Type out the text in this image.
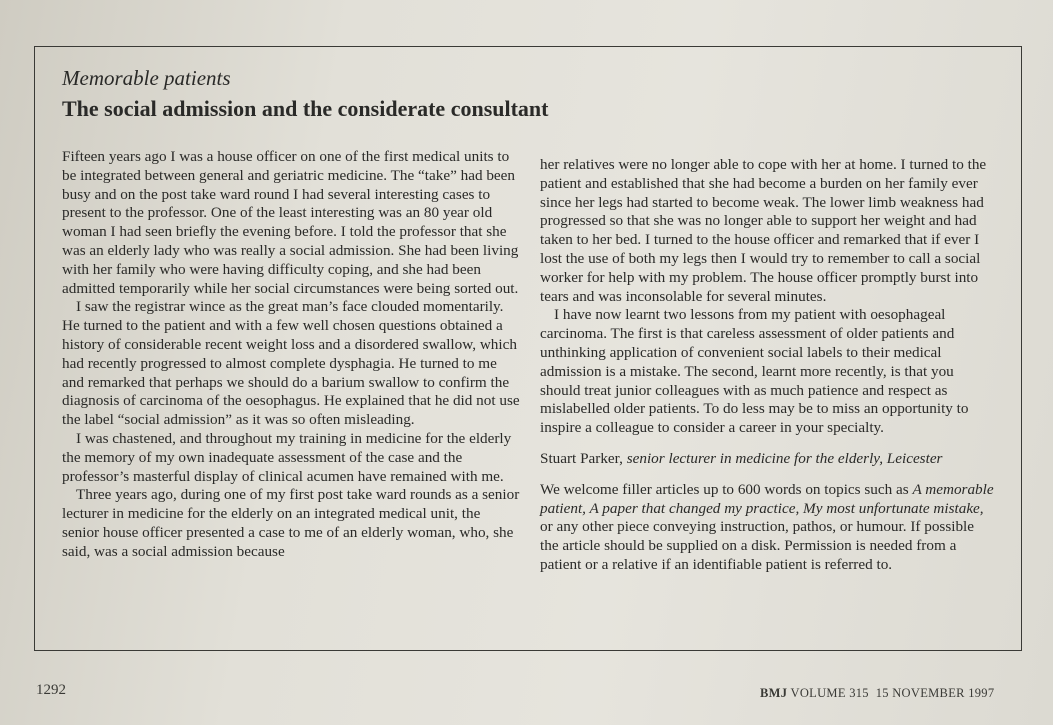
Memorable patients
The social admission and the considerate consultant

Fifteen years ago I was a house officer on one of the first medical units to be integrated between general and geriatric medicine. The “take” had been busy and on the post take ward round I had several interesting cases to present to the professor. One of the least interesting was an 80 year old woman I had seen briefly the evening before. I told the professor that she was an elderly lady who was really a social admission. She had been living with her family who were having difficulty coping, and she had been admitted temporarily while her social circumstances were being sorted out.

I saw the registrar wince as the great man’s face clouded momentarily. He turned to the patient and with a few well chosen questions obtained a history of considerable recent weight loss and a disordered swallow, which had recently progressed to almost complete dysphagia. He turned to me and remarked that perhaps we should do a barium swallow to confirm the diagnosis of carcinoma of the oesophagus. He explained that he did not use the label “social admission” as it was so often misleading.

I was chastened, and throughout my training in medicine for the elderly the memory of my own inadequate assessment of the case and the professor’s masterful display of clinical acumen have remained with me.

Three years ago, during one of my first post take ward rounds as a senior lecturer in medicine for the elderly on an integrated medical unit, the senior house officer presented a case to me of an elderly woman, who, she said, was a social admission because

her relatives were no longer able to cope with her at home. I turned to the patient and established that she had become a burden on her family ever since her legs had started to become weak. The lower limb weakness had progressed so that she was no longer able to support her weight and had taken to her bed. I turned to the house officer and remarked that if ever I lost the use of both my legs then I would try to remember to call a social worker for help with my problem. The house officer promptly burst into tears and was inconsolable for several minutes.

I have now learnt two lessons from my patient with oesophageal carcinoma. The first is that careless assessment of older patients and unthinking application of convenient social labels to their medical admission is a mistake. The second, learnt more recently, is that you should treat junior colleagues with as much patience and respect as mislabelled older patients. To do less may be to miss an opportunity to inspire a colleague to consider a career in your specialty.

Stuart Parker, senior lecturer in medicine for the elderly, Leicester

We welcome filler articles up to 600 words on topics such as A memorable patient, A paper that changed my practice, My most unfortunate mistake, or any other piece conveying instruction, pathos, or humour. If possible the article should be supplied on a disk. Permission is needed from a patient or a relative if an identifiable patient is referred to.

1292	BMJ VOLUME 315 15 NOVEMBER 1997
